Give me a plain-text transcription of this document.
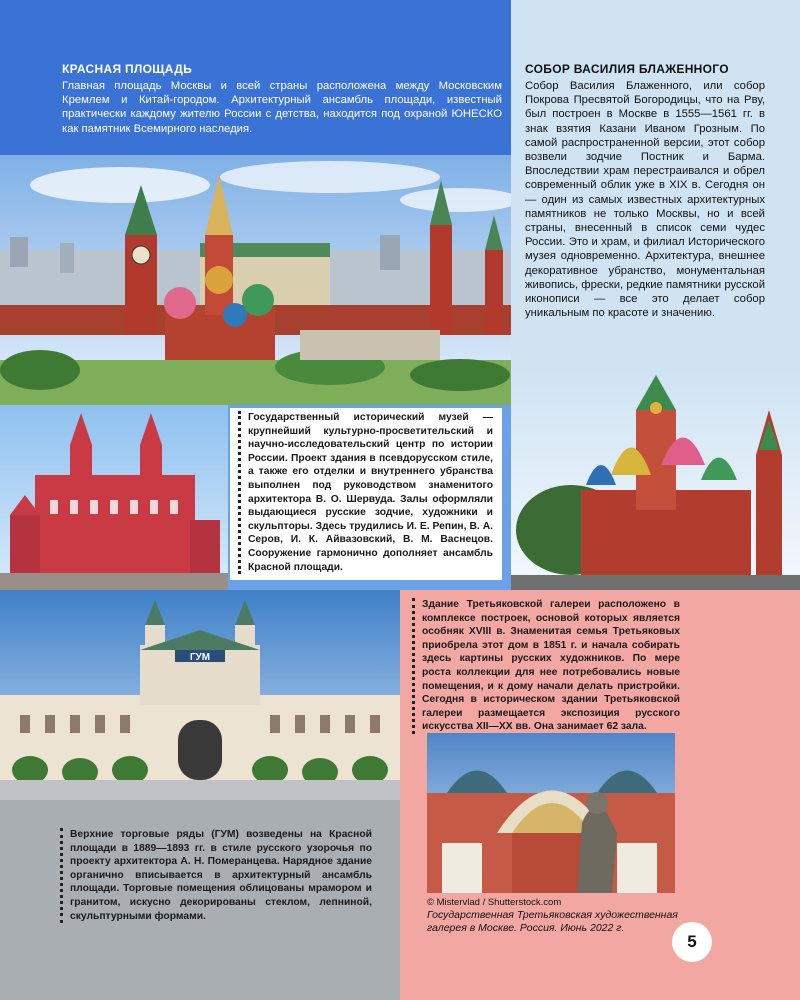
КРАСНАЯ ПЛОЩАДЬ

Главная площадь Москвы и всей страны расположена между Московским Кремлем и Китай-городом. Архитектурный ансамбль площади, известный практически каждому жителю России с детства, находится под охраной ЮНЕСКО как памятник Всемирного наследия.

СОБОР ВАСИЛИЯ БЛАЖЕННОГО

Собор Василия Блаженного, или собор Покрова Пресвятой Богородицы, что на Рву, был построен в Москве в 1555—1561 гг. в знак взятия Казани Иваном Грозным. По самой распространенной версии, этот собор возвели зодчие Постник и Барма. Впоследствии храм перестраивался и обрел современный облик уже в XIX в. Сегодня он — один из самых известных архитектурных памятников не только Москвы, но и всей страны, внесенный в список семи чудес России. Это и храм, и филиал Исторического музея одновременно. Архитектура, внешнее декоративное убранство, монументальная живопись, фрески, редкие памятники русской иконописи — все это делает собор уникальным по красоте и значению.

Государственный исторический музей — крупнейший культурно-просветительский и научно-исследовательский центр по истории России. Проект здания в псевдорусском стиле, а также его отделки и внутреннего убранства выполнен под руководством знаменитого архитектора В. О. Шервуда. Залы оформляли выдающиеся русские зодчие, художники и скульпторы. Здесь трудились И. Е. Репин, В. А. Серов, И. К. Айвазовский, В. М. Васнецов. Сооружение гармонично дополняет ансамбль Красной площади.

ГУМ

Здание Третьяковской галереи расположено в комплексе построек, основой которых является особняк XVIII в. Знаменитая семья Третьяковых приобрела этот дом в 1851 г. и начала собирать здесь картины русских художников. По мере роста коллекции для нее потребовались новые помещения, и к дому начали делать пристройки. Сегодня в историческом здании Третьяковской галереи размещается экспозиция русского искусства XII—XX вв. Она занимает 62 зала.

Верхние торговые ряды (ГУМ) возведены на Красной площади в 1889—1893 гг. в стиле русского узорочья по проекту архитектора А. Н. Померанцева. Нарядное здание органично вписывается в архитектурный ансамбль площади. Торговые помещения облицованы мрамором и гранитом, искусно декорированы стеклом, лепниной, скульптурными формами.

© Mistervlad / Shutterstock.com
Государственная Третьяковская художественная галерея в Москве. Россия. Июнь 2022 г.
5
